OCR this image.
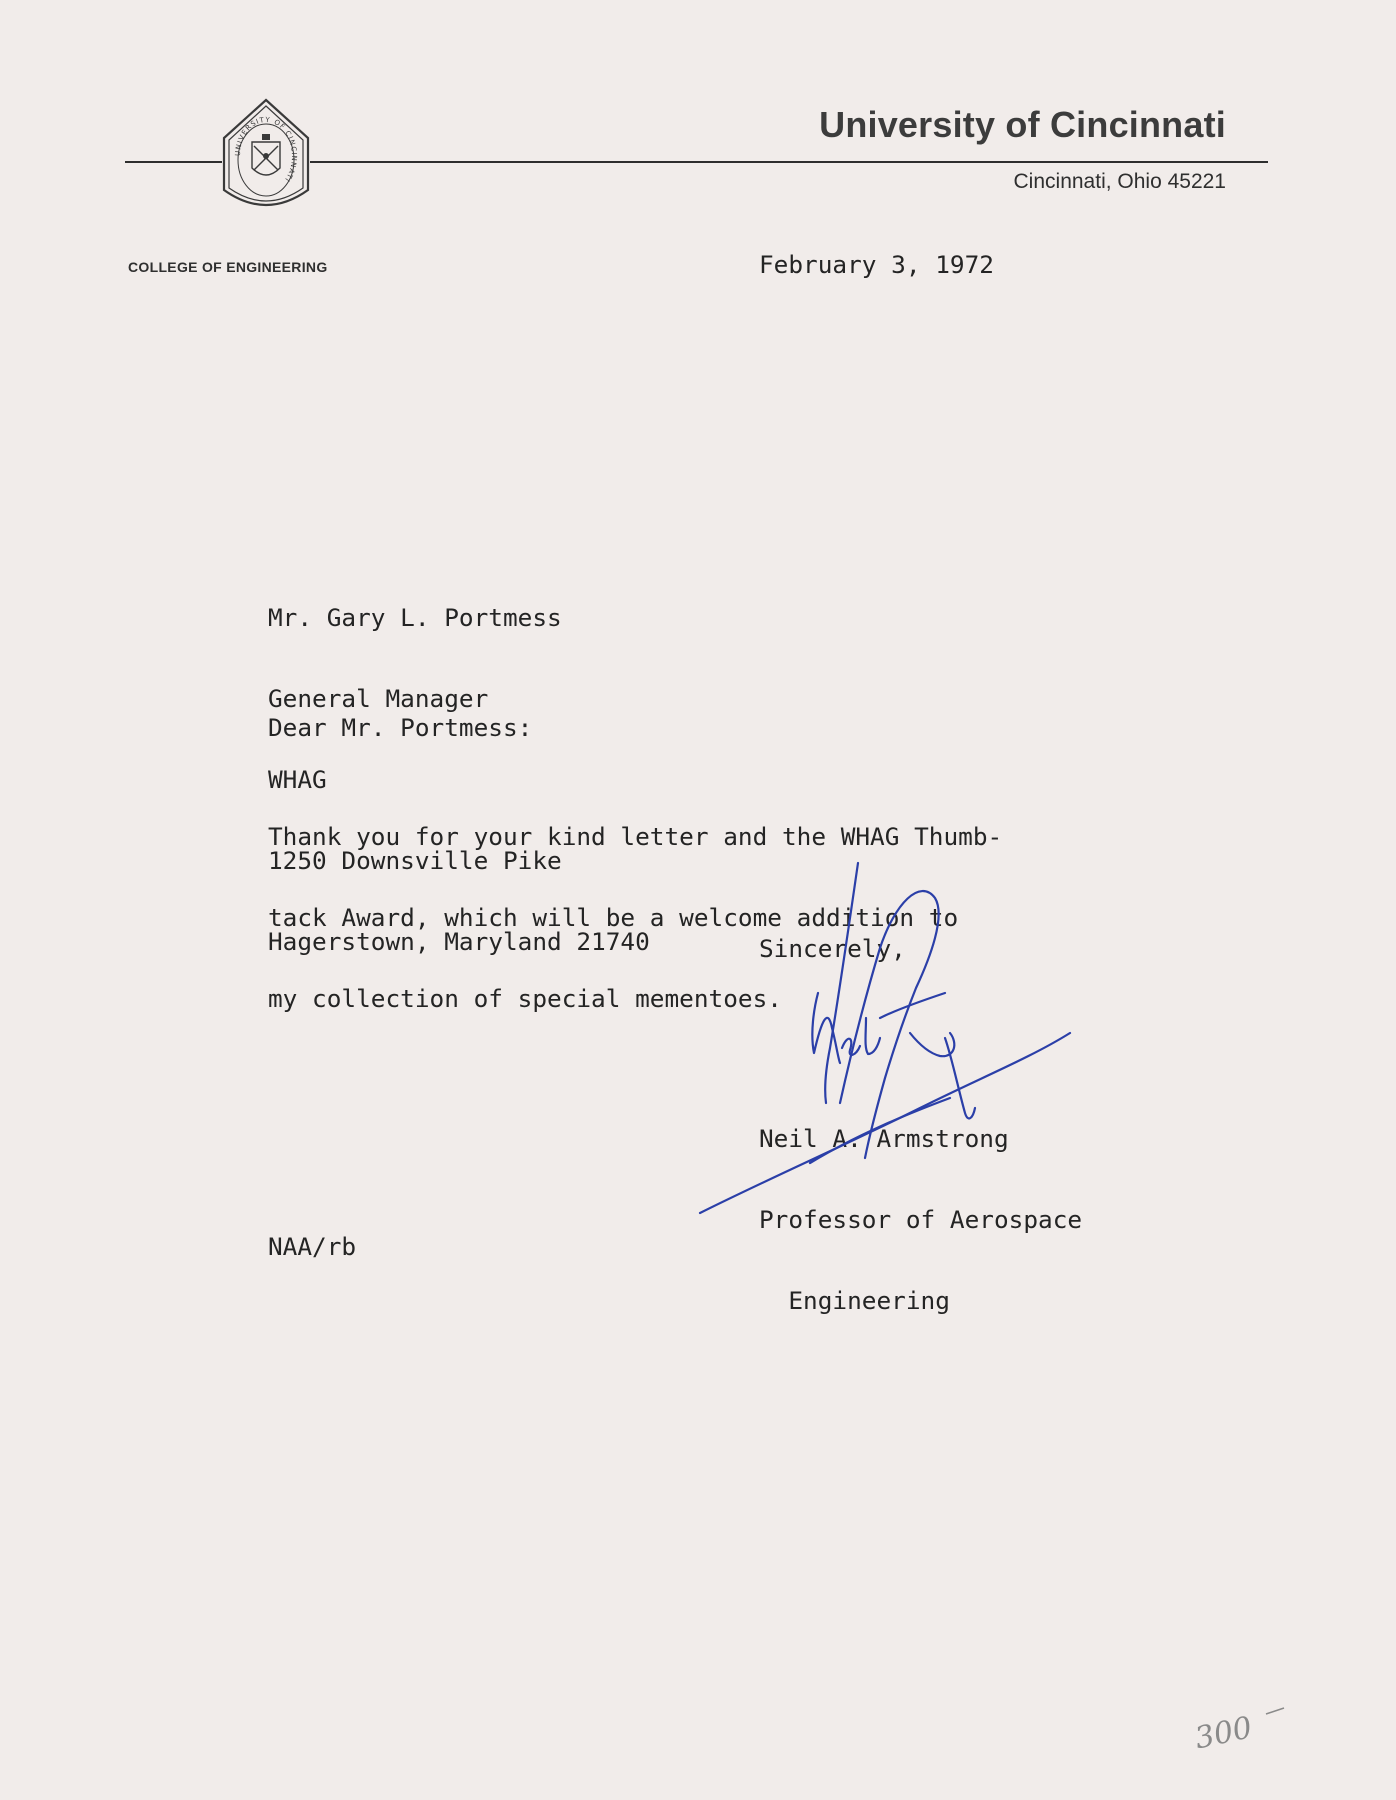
UNIVERSITY OF CINCINNATI
University of Cincinnati
Cincinnati, Ohio 45221
COLLEGE OF ENGINEERING	February 3, 1972

Mr. Gary L. Portmess

General Manager

WHAG

1250 Downsville Pike

Hagerstown, Maryland 21740

Dear Mr. Portmess:

Thank you for your kind letter and the WHAG Thumb-

tack Award, which will be a welcome addition to

my collection of special mementoes.

Sincerely,

Neil A. Armstrong

Professor of Aerospace

Engineering

NAA/rb
300
